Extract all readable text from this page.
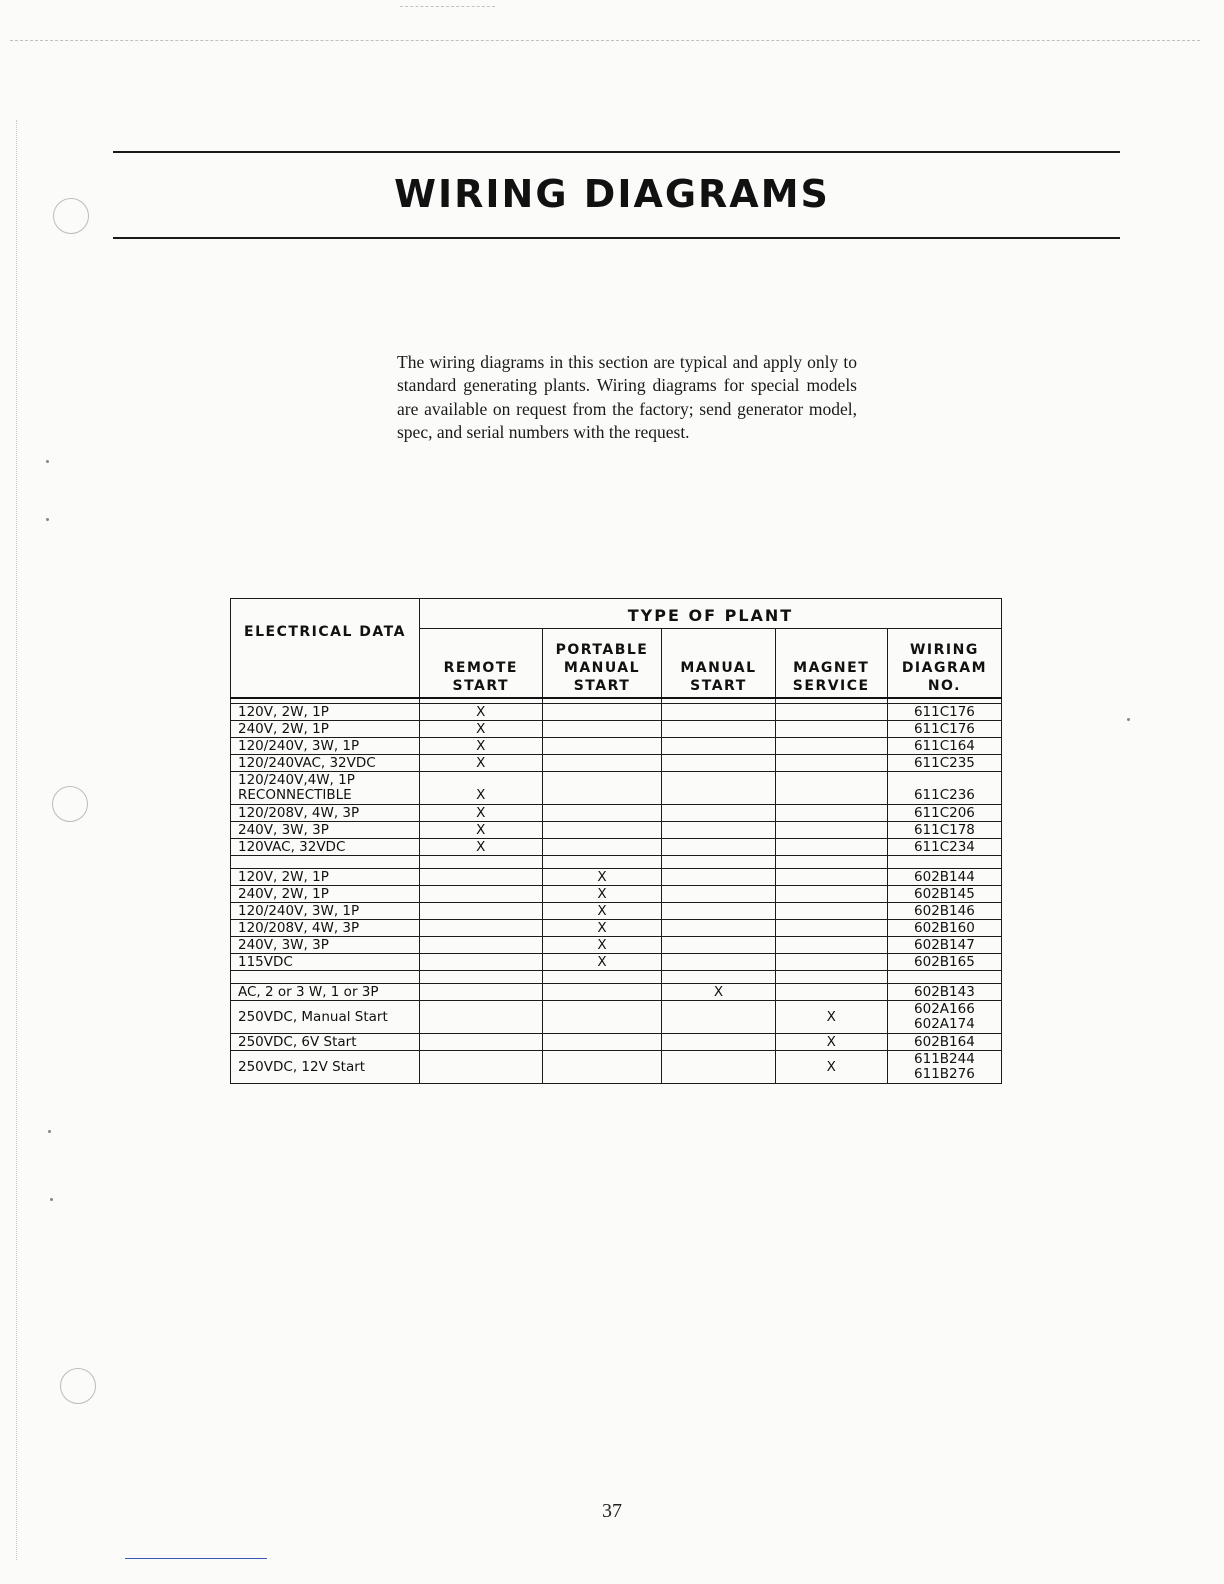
WIRING DIAGRAMS

The wiring diagrams in this section are typical and apply only to standard generating plants. Wiring diagrams for special models are available on request from the factory; send generator model, spec, and serial numbers with the request.

ELECTRICAL DATA	TYPE OF PLANT				
	REMOTE START	PORTABLE MANUAL START	MANUAL START	MAGNET SERVICE	WIRING DIAGRAM NO.

120V, 2W, 1P	X				611C176
240V, 2W, 1P	X				611C176
120/240V, 3W, 1P	X				611C164
120/240VAC, 32VDC	X				611C235
120/240V,4W, 1P RECONNECTIBLE	X				611C236
120/208V, 4W, 3P	X				611C206
240V, 3W, 3P	X				611C178
120VAC, 32VDC	X				611C234

120V, 2W, 1P		X			602B144
240V, 2W, 1P		X			602B145
120/240V, 3W, 1P		X			602B146
120/208V, 4W, 3P		X			602B160
240V, 3W, 3P		X			602B147
115VDC		X			602B165

AC, 2 or 3 W, 1 or 3P			X		602B143
250VDC, Manual Start				X	602A166
602A174

250VDC, 6V Start				X	602B164
250VDC, 12V Start				X	611B244
611B276
37
